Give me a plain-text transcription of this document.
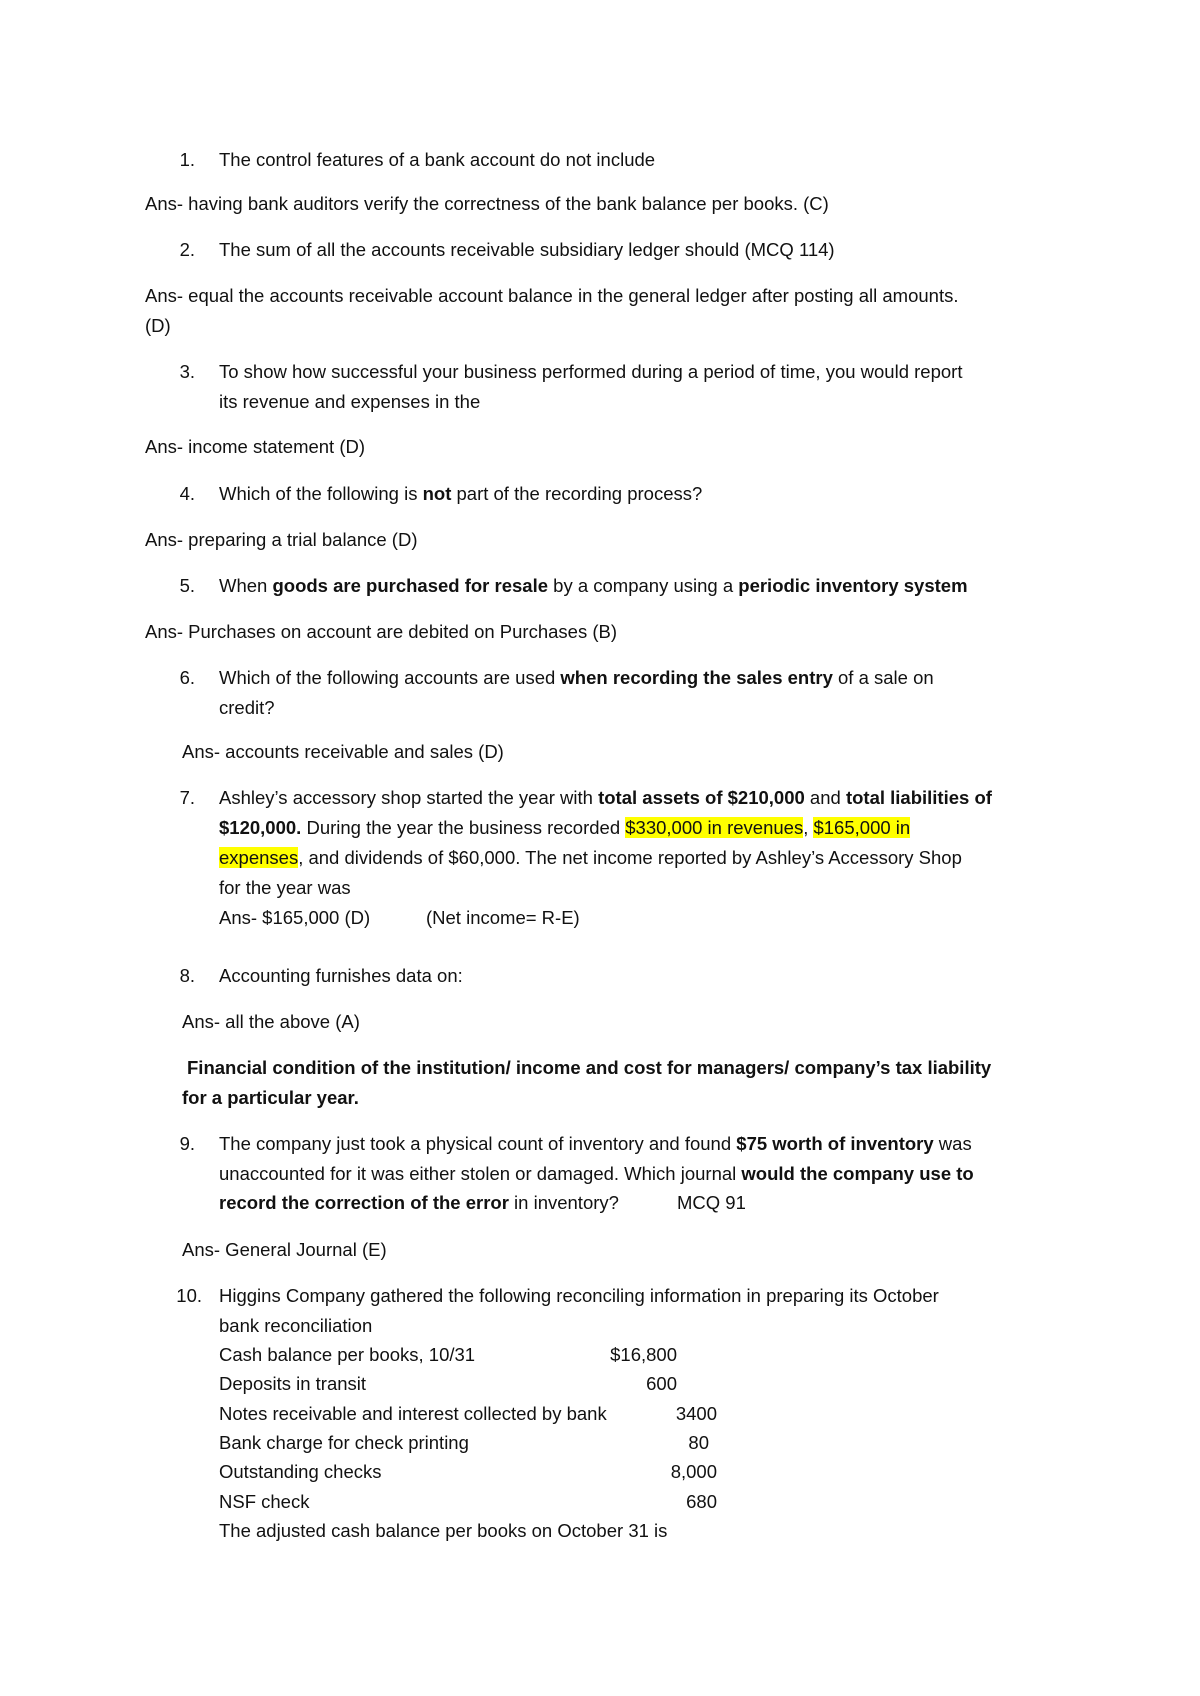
1. The control features of a bank account do not include
Ans- having bank auditors verify the correctness of the bank balance per books. (C)
2. The sum of all the accounts receivable subsidiary ledger should (MCQ 114)
Ans- equal the accounts receivable account balance in the general ledger after posting all amounts.
(D)
3. To show how successful your business performed during a period of time, you would report
its revenue and expenses in the
Ans- income statement (D)
4. Which of the following is not part of the recording process?
Ans- preparing a trial balance (D)
5. When goods are purchased for resale by a company using a periodic inventory system
Ans- Purchases on account are debited on Purchases (B)
6. Which of the following accounts are used when recording the sales entry of a sale on
credit?
Ans- accounts receivable and sales (D)
7. Ashley’s accessory shop started the year with total assets of $210,000 and total liabilities of
$120,000. During the year the business recorded $330,000 in revenues, $165,000 in
expenses, and dividends of $60,000. The net income reported by Ashley’s Accessory Shop
for the year was
Ans- $165,000 (D)	(Net income= R-E)
8. Accounting furnishes data on:
Ans- all the above (A)
Financial condition of the institution/ income and cost for managers/ company’s tax liability
for a particular year.
9. The company just took a physical count of inventory and found $75 worth of inventory was
unaccounted for it was either stolen or damaged. Which journal would the company use to
record the correction of the error in inventory?	MCQ 91
Ans- General Journal (E)
10. Higgins Company gathered the following reconciling information in preparing its October
bank reconciliation
Cash balance per books, 10/31	$16,800
Deposits in transit	600
Notes receivable and interest collected by bank	3400
Bank charge for check printing	80
Outstanding checks	8,000
NSF check	680
The adjusted cash balance per books on October 31 is
